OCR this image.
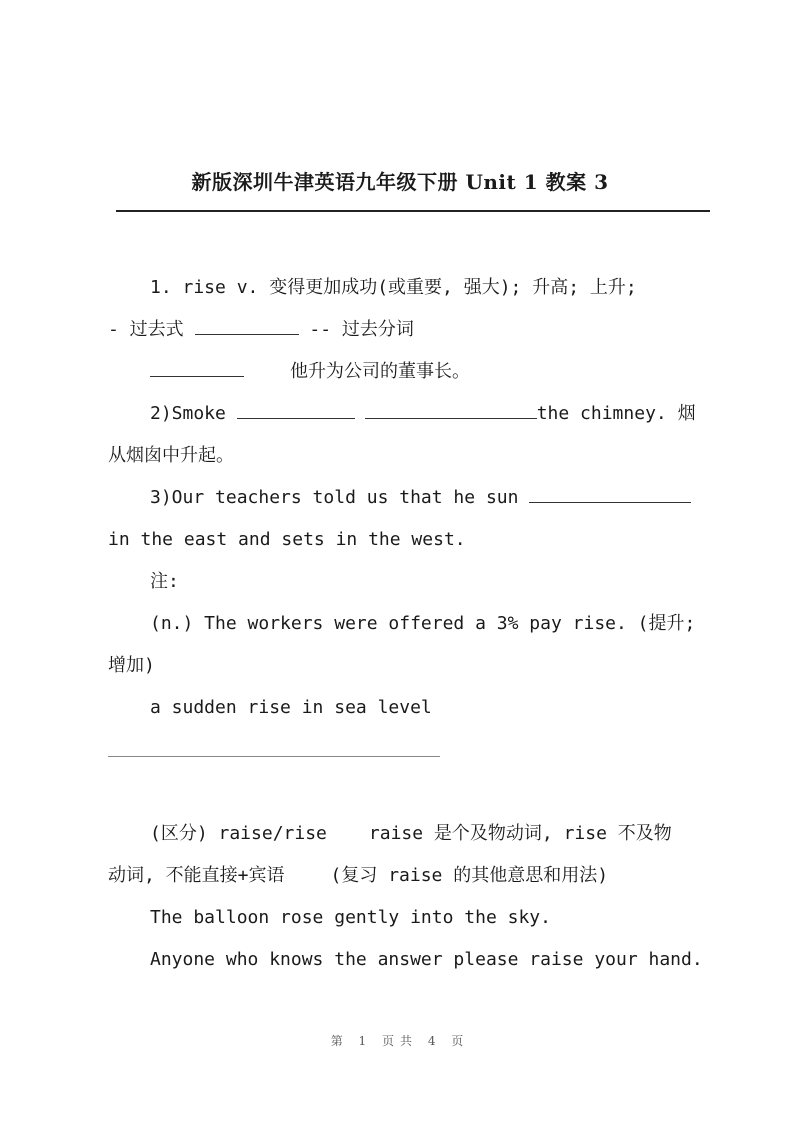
新版深圳牛津英语九年级下册 Unit 1 教案 3
1. rise v. 变得更加成功(或重要, 强大); 升高; 上升;
- 过去式	-- 过去分词
他升为公司的董事长。
2)Smoke	the chimney. 烟
从烟囱中升起。
3)Our teachers told us that he sun
in the east and sets in the west.
注:
(n.) The workers were offered a 3% pay rise. (提升;
增加)
a sudden rise in sea level
(区分) raise/rise raise 是个及物动词, rise 不及物
动词, 不能直接+宾语	(复习 raise 的其他意思和用法)
The balloon rose gently into the sky.
Anyone who knows the answer please raise your hand.

第 1 页共 4 页
